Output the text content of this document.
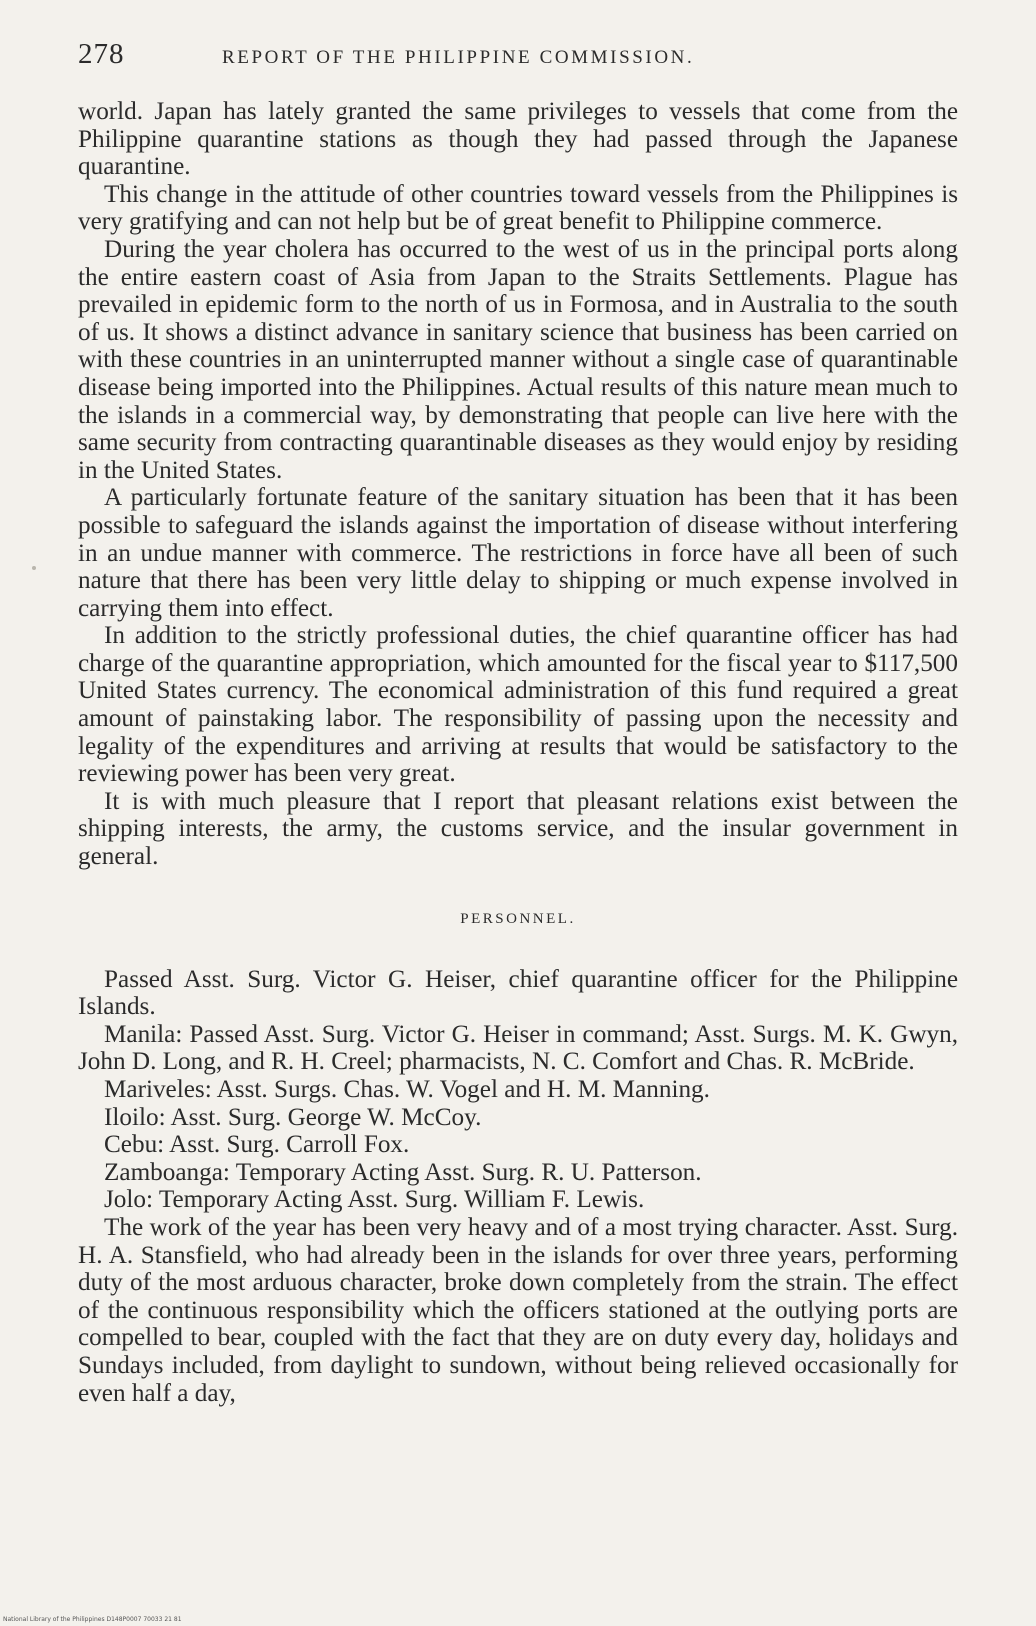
278	REPORT OF THE PHILIPPINE COMMISSION.

world. Japan has lately granted the same privileges to vessels that come from the Philippine quarantine stations as though they had passed through the Japanese quarantine.

This change in the attitude of other countries toward vessels from the Philippines is very gratifying and can not help but be of great benefit to Philippine commerce.

During the year cholera has occurred to the west of us in the principal ports along the entire eastern coast of Asia from Japan to the Straits Settlements. Plague has prevailed in epidemic form to the north of us in Formosa, and in Australia to the south of us. It shows a distinct advance in sanitary science that business has been carried on with these countries in an uninterrupted manner without a single case of quarantinable disease being imported into the Philippines. Actual results of this nature mean much to the islands in a commercial way, by demonstrating that people can live here with the same security from contracting quarantinable diseases as they would enjoy by residing in the United States.

A particularly fortunate feature of the sanitary situation has been that it has been possible to safeguard the islands against the importation of disease without interfering in an undue manner with commerce. The restrictions in force have all been of such nature that there has been very little delay to shipping or much expense involved in carrying them into effect.

In addition to the strictly professional duties, the chief quarantine officer has had charge of the quarantine appropriation, which amounted for the fiscal year to $117,500 United States currency. The economical administration of this fund required a great amount of painstaking labor. The responsibility of passing upon the necessity and legality of the expenditures and arriving at results that would be satisfactory to the reviewing power has been very great.

It is with much pleasure that I report that pleasant relations exist between the shipping interests, the army, the customs service, and the insular government in general.

PERSONNEL.

Passed Asst. Surg. Victor G. Heiser, chief quarantine officer for the Philippine Islands.

Manila: Passed Asst. Surg. Victor G. Heiser in command; Asst. Surgs. M. K. Gwyn, John D. Long, and R. H. Creel; pharmacists, N. C. Comfort and Chas. R. McBride.

Mariveles: Asst. Surgs. Chas. W. Vogel and H. M. Manning.

Iloilo: Asst. Surg. George W. McCoy.

Cebu: Asst. Surg. Carroll Fox.

Zamboanga: Temporary Acting Asst. Surg. R. U. Patterson.

Jolo: Temporary Acting Asst. Surg. William F. Lewis.

The work of the year has been very heavy and of a most trying character. Asst. Surg. H. A. Stansfield, who had already been in the islands for over three years, performing duty of the most arduous character, broke down completely from the strain. The effect of the continuous responsibility which the officers stationed at the outlying ports are compelled to bear, coupled with the fact that they are on duty every day, holidays and Sundays included, from daylight to sundown, without being relieved occasionally for even half a day,

National Library of the Philippines D148P0007 70033 21 81
